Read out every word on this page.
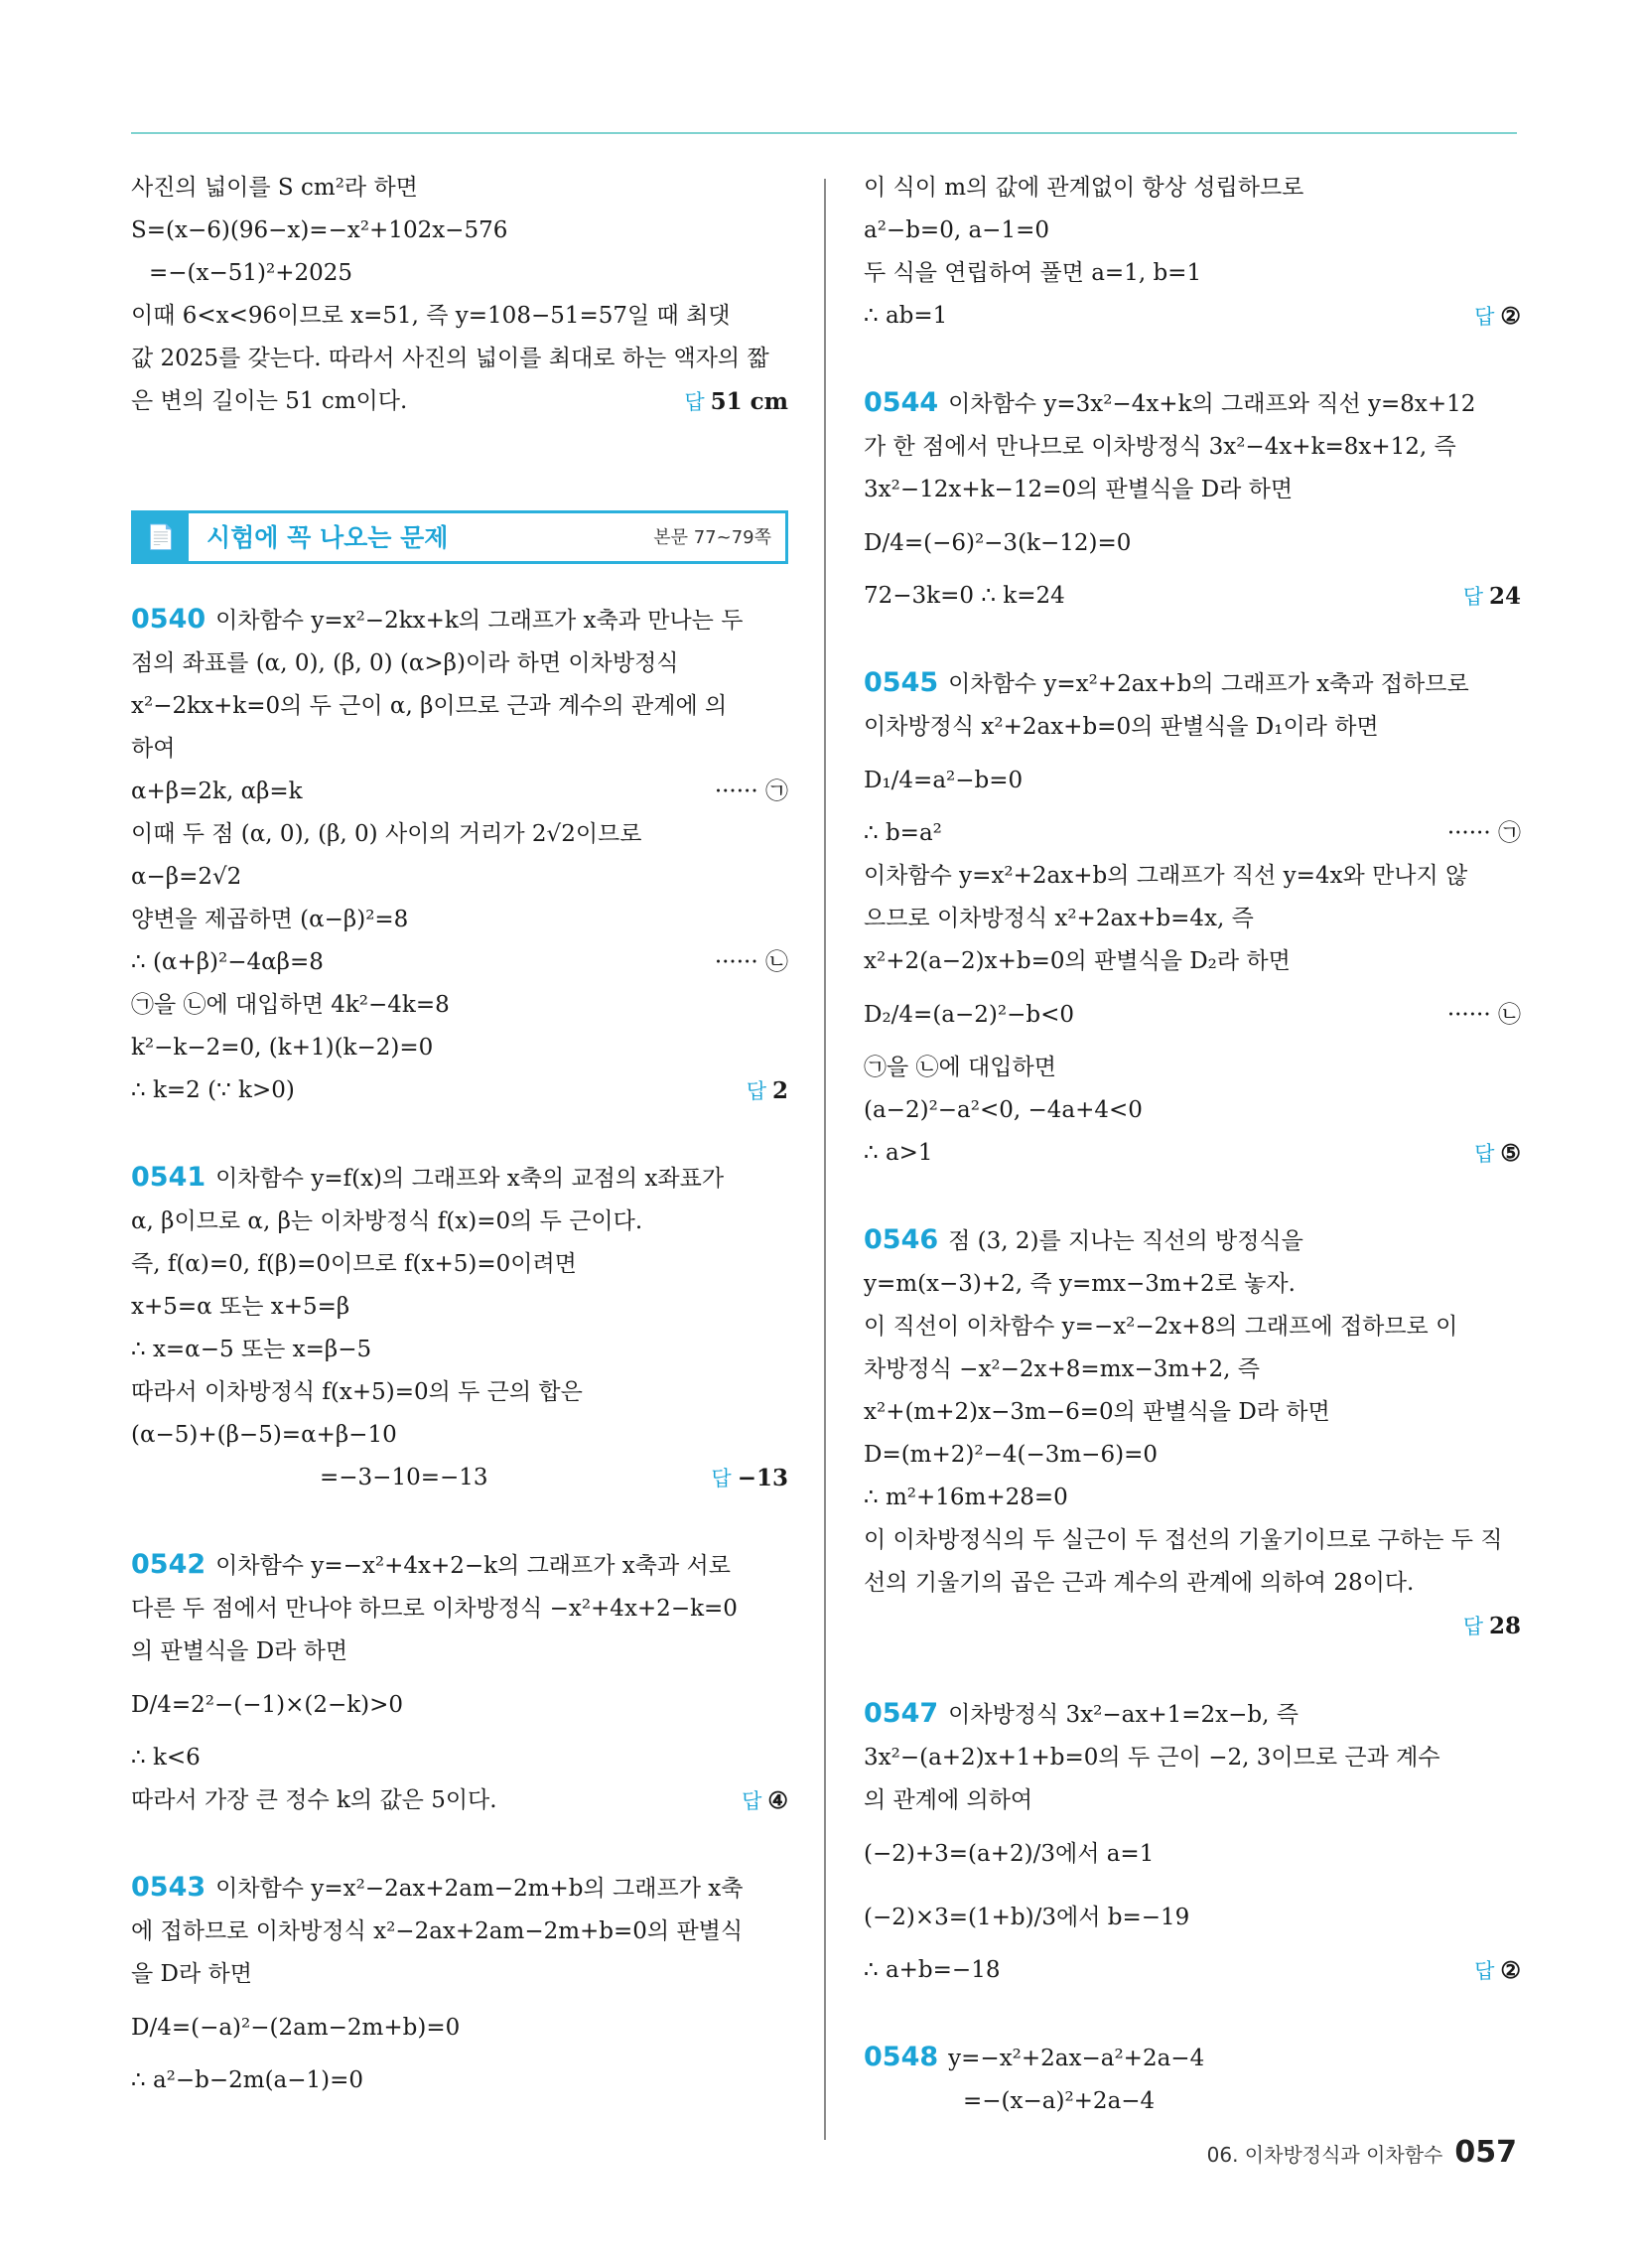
사진의 넓이를 S cm²라 하면
S=(x−6)(96−x)=−x²+102x−576
=−(x−51)²+2025
이때 6<x<96이므로 x=51, 즉 y=108−51=57일 때 최댓
값 2025를 갖는다. 따라서 사진의 넓이를 최대로 하는 액자의 짧
은 변의 길이는 51 cm이다.	답 51 cm
📄	시험에 꼭 나오는 문제	본문 77~79쪽
0540 이차함수 y=x²−2kx+k의 그래프가 x축과 만나는 두
점의 좌표를 (α, 0), (β, 0) (α>β)이라 하면 이차방정식
x²−2kx+k=0의 두 근이 α, β이므로 근과 계수의 관계에 의
하여
α+β=2k, αβ=k	······ ㉠
이때 두 점 (α, 0), (β, 0) 사이의 거리가 2√2이므로
α−β=2√2
양변을 제곱하면 (α−β)²=8
∴ (α+β)²−4αβ=8	······ ㉡
㉠을 ㉡에 대입하면 4k²−4k=8
k²−k−2=0, (k+1)(k−2)=0
∴ k=2 (∵ k>0)	답 2
0541 이차함수 y=f(x)의 그래프와 x축의 교점의 x좌표가
α, β이므로 α, β는 이차방정식 f(x)=0의 두 근이다.
즉, f(α)=0, f(β)=0이므로 f(x+5)=0이려면
x+5=α 또는 x+5=β
∴ x=α−5 또는 x=β−5
따라서 이차방정식 f(x+5)=0의 두 근의 합은
(α−5)+(β−5)=α+β−10
=−3−10=−13	답 −13
0542 이차함수 y=−x²+4x+2−k의 그래프가 x축과 서로
다른 두 점에서 만나야 하므로 이차방정식 −x²+4x+2−k=0
의 판별식을 D라 하면
D/4=2²−(−1)×(2−k)>0
∴ k<6
따라서 가장 큰 정수 k의 값은 5이다.	답 ④
0543 이차함수 y=x²−2ax+2am−2m+b의 그래프가 x축
에 접하므로 이차방정식 x²−2ax+2am−2m+b=0의 판별식
을 D라 하면
D/4=(−a)²−(2am−2m+b)=0
∴ a²−b−2m(a−1)=0
이 식이 m의 값에 관계없이 항상 성립하므로
a²−b=0, a−1=0
두 식을 연립하여 풀면 a=1, b=1
∴ ab=1	답 ②
0544 이차함수 y=3x²−4x+k의 그래프와 직선 y=8x+12
가 한 점에서 만나므로 이차방정식 3x²−4x+k=8x+12, 즉
3x²−12x+k−12=0의 판별식을 D라 하면
D/4=(−6)²−3(k−12)=0
72−3k=0 ∴ k=24	답 24
0545 이차함수 y=x²+2ax+b의 그래프가 x축과 접하므로
이차방정식 x²+2ax+b=0의 판별식을 D₁이라 하면
D₁/4=a²−b=0
∴ b=a²	······ ㉠
이차함수 y=x²+2ax+b의 그래프가 직선 y=4x와 만나지 않
으므로 이차방정식 x²+2ax+b=4x, 즉
x²+2(a−2)x+b=0의 판별식을 D₂라 하면
D₂/4=(a−2)²−b<0	······ ㉡
㉠을 ㉡에 대입하면
(a−2)²−a²<0, −4a+4<0
∴ a>1	답 ⑤
0546 점 (3, 2)를 지나는 직선의 방정식을
y=m(x−3)+2, 즉 y=mx−3m+2로 놓자.
이 직선이 이차함수 y=−x²−2x+8의 그래프에 접하므로 이
차방정식 −x²−2x+8=mx−3m+2, 즉
x²+(m+2)x−3m−6=0의 판별식을 D라 하면
D=(m+2)²−4(−3m−6)=0
∴ m²+16m+28=0
이 이차방정식의 두 실근이 두 접선의 기울기이므로 구하는 두 직
선의 기울기의 곱은 근과 계수의 관계에 의하여 28이다.
답 28
0547 이차방정식 3x²−ax+1=2x−b, 즉
3x²−(a+2)x+1+b=0의 두 근이 −2, 3이므로 근과 계수
의 관계에 의하여
(−2)+3=(a+2)/3에서 a=1
(−2)×3=(1+b)/3에서 b=−19
∴ a+b=−18	답 ②
0548 y=−x²+2ax−a²+2a−4
=−(x−a)²+2a−4
06. 이차방정식과 이차함수 057
